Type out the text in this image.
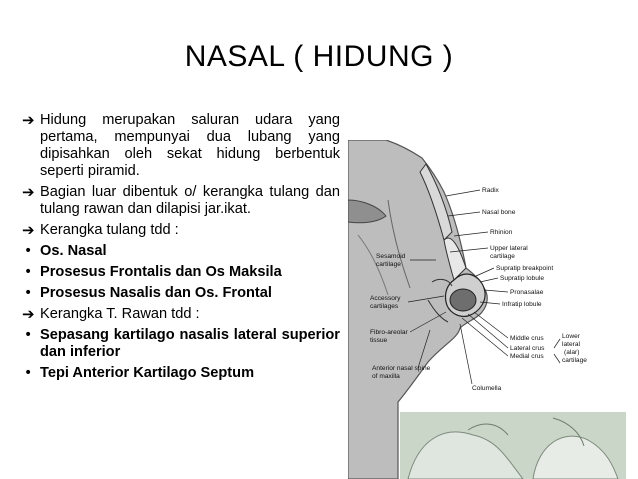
NASAL ( HIDUNG )
➔ Hidung merupakan saluran udara yang pertama, mempunyai dua lubang yang dipisahkan oleh sekat hidung berbentuk seperti piramid.
➔ Bagian luar dibentuk o/ kerangka tulang dan tulang rawan dan dilapisi jar.ikat.
➔ Kerangka tulang tdd :
• Os. Nasal
• Prosesus Frontalis dan Os Maksila
• Prosesus Nasalis dan Os. Frontal
➔ Kerangka T. Rawan tdd :
• Sepasang kartilago nasalis lateral superior dan inferior
• Tepi Anterior Kartilago Septum
Radix
Nasal bone
Rhinion
Upper lateral
cartilage
Sesamoid
cartilage
Supratip breakpoint
Supratip lobule
Pronasalae
Infratip lobule
Accessory
cartilages
Fibro-areolar
tissue	Middle crus
Lateral crus
Medial crus
Lower
lateral
(alar)
cartilage
Anterior nasal spine
of maxilla
Columella
